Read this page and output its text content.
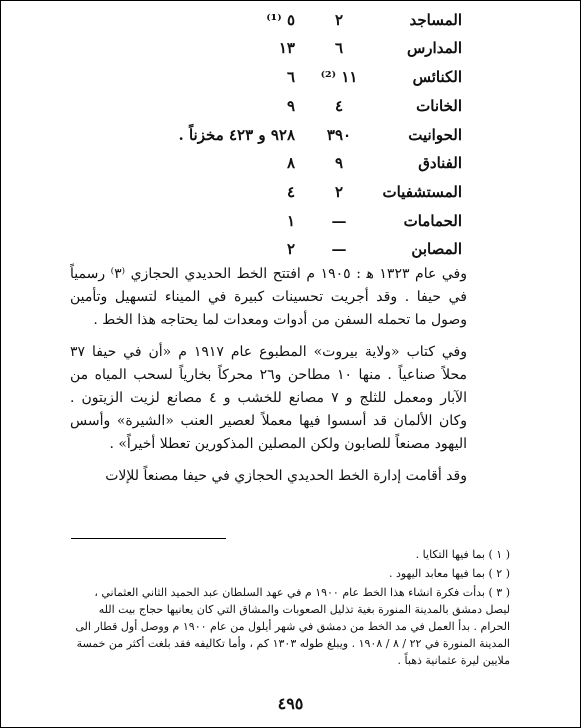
المساجد
٢
٥ ⁽¹⁾
المدارس
٦
١٣
الكنائس
١١ ⁽²⁾
٦
الخانات
٤
٩
الحوانيت
٣٩٠
٩٢٨ و ٤٢٣ مخزناً .
الفنادق
٩
٨
المستشفيات
٢
٤
الحمامات
—
١
المصابن
—
٢

وفي عام ١٣٢٣ ﻫ : ١٩٠٥ م افتتح الخط الحديدي الحجازي ⁽٣⁾ رسمياً في حيفا . وقد أجريت تحسينات كبيرة في الميناء لتسهيل وتأمين وصول ما تحمله السفن من أدوات ومعدات لما يحتاجه هذا الخط .

وفي كتاب «ولاية بيروت» المطبوع عام ١٩١٧ م «أن في حيفا ٣٧ محلاً صناعياً . منها ١٠ مطاحن و٢٦ محركاً بخارياً لسحب المياه من الآبار ومعمل للثلج و ٧ مصانع للخشب و ٤ مصانع لزيت الزيتون . وكان الألمان قد أسسوا فيها معملاً لعصير العنب «الشيرة» وأسس اليهود مصنعاً للصابون ولكن المصلين المذكورين تعطلا أخيراً» .

وقد أقامت إدارة الخط الحديدي الحجازي في حيفا مصنعاً للإلات

( ١ ) بما فيها التكايا .

( ٢ ) بما فيها معابد اليهود .

( ٣ ) بدأت فكرة انشاء هذا الخط عام ١٩٠٠ م في عهد السلطان عبد الحميد الثاني العثماني ، ليصل دمشق بالمدينة المنورة بغية تذليل الصعوبات والمشاق التي كان يعانيها حجاج بيت الله الحرام . بدأ العمل في مد الخط من دمشق في شهر أيلول من عام ١٩٠٠ م ووصل أول قطار الى المدينة المنورة في ٢٢ / ٨ / ١٩٠٨ . ويبلغ طوله ١٣٠٣ كم ، وأما تكاليفه فقد بلغت أكثر من خمسة ملايين ليرة عثمانية ذهباً .

٤٩٥
